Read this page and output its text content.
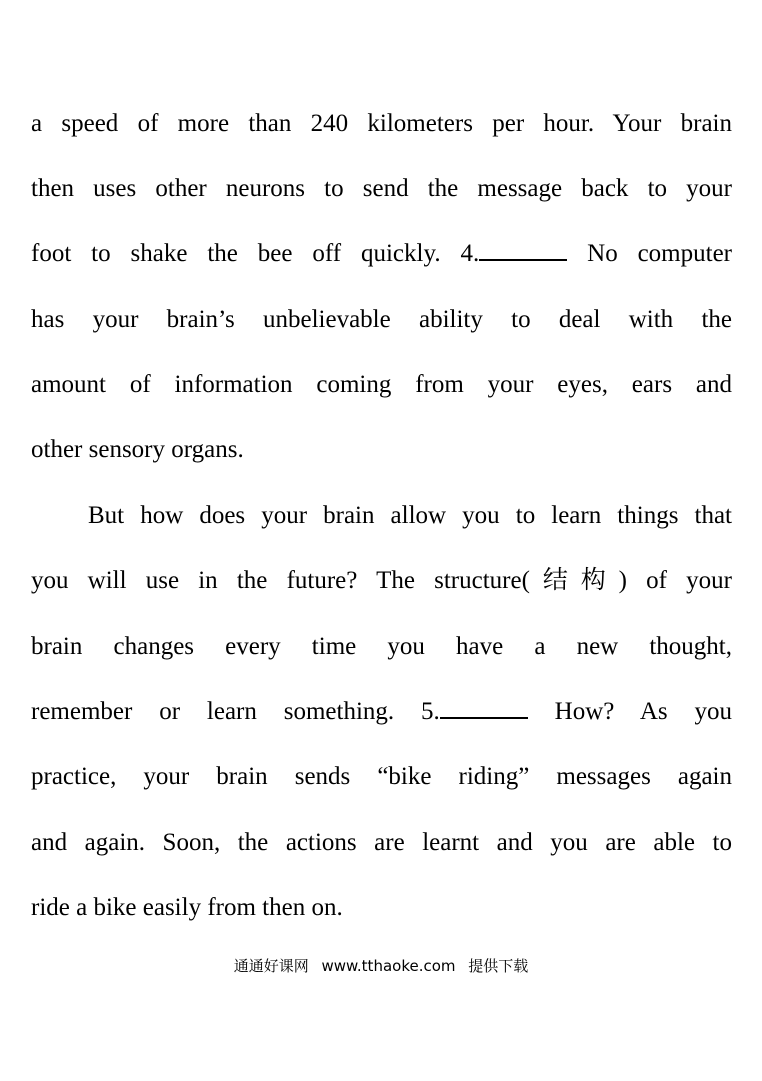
a speed of more than 240 kilometers per hour. Your brain
then uses other neurons to send the message back to your
foot to shake the bee off quickly. 4.	No computer
has your brain’s unbelievable ability to deal with the
amount of information coming from your eyes, ears and
other sensory organs.
But how does your brain allow you to learn things that
you will use in the future? The structure(结构) of your
brain changes every time you have a new thought,
remember or learn something. 5.	How? As you
practice, your brain sends “bike riding” messages again
and again. Soon, the actions are learnt and you are able to
ride a bike easily from then on.
通通好课网 www.tthaoke.com 提供下载
